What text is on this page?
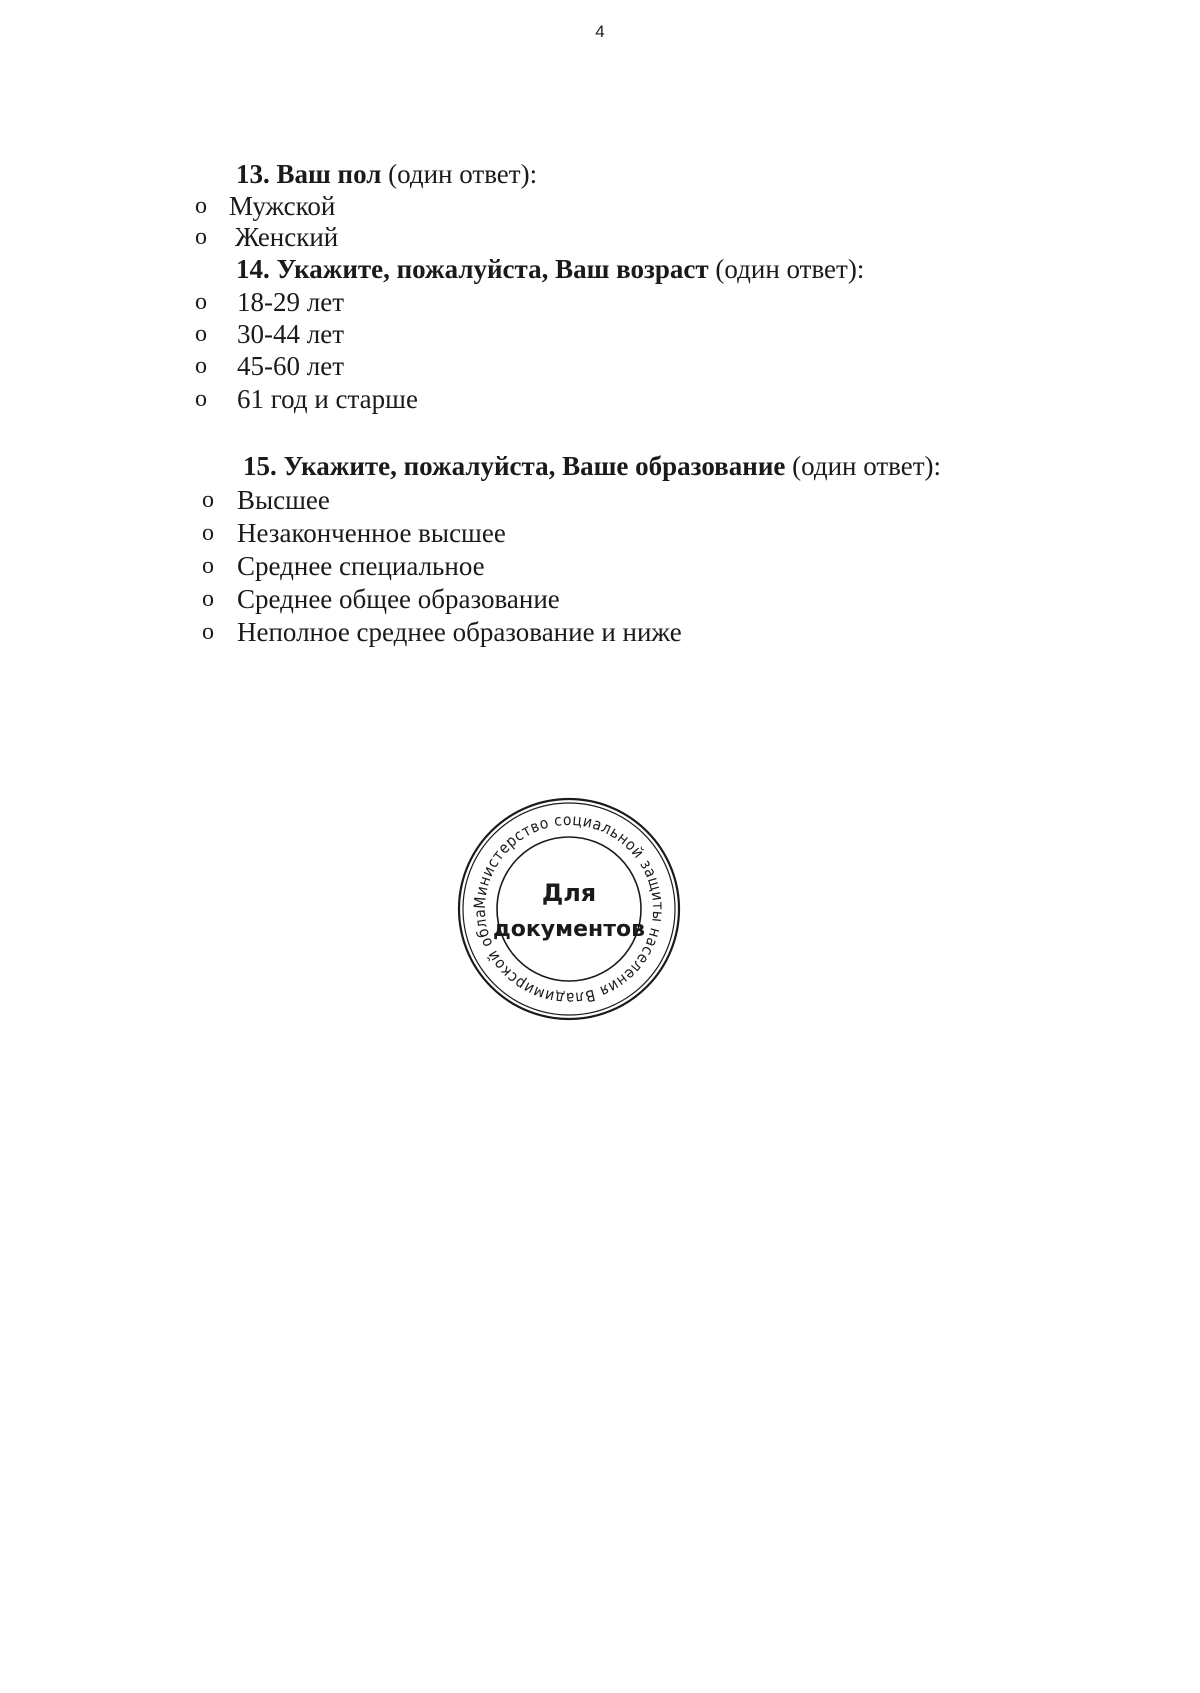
4
13. Ваш пол (один ответ):
o Мужской
o Женский
14. Укажите, пожалуйста, Ваш возраст (один ответ):
o 18-29 лет
o 30-44 лет
o 45-60 лет
o 61 год и старше
15. Укажите, пожалуйста, Ваше образование (один ответ):
o Высшее
o Незаконченное высшее
o Среднее специальное
o Среднее общее образование
o Неполное среднее образование и ниже
Министерство социальной защиты населения Владимирской обла
Для
документов
